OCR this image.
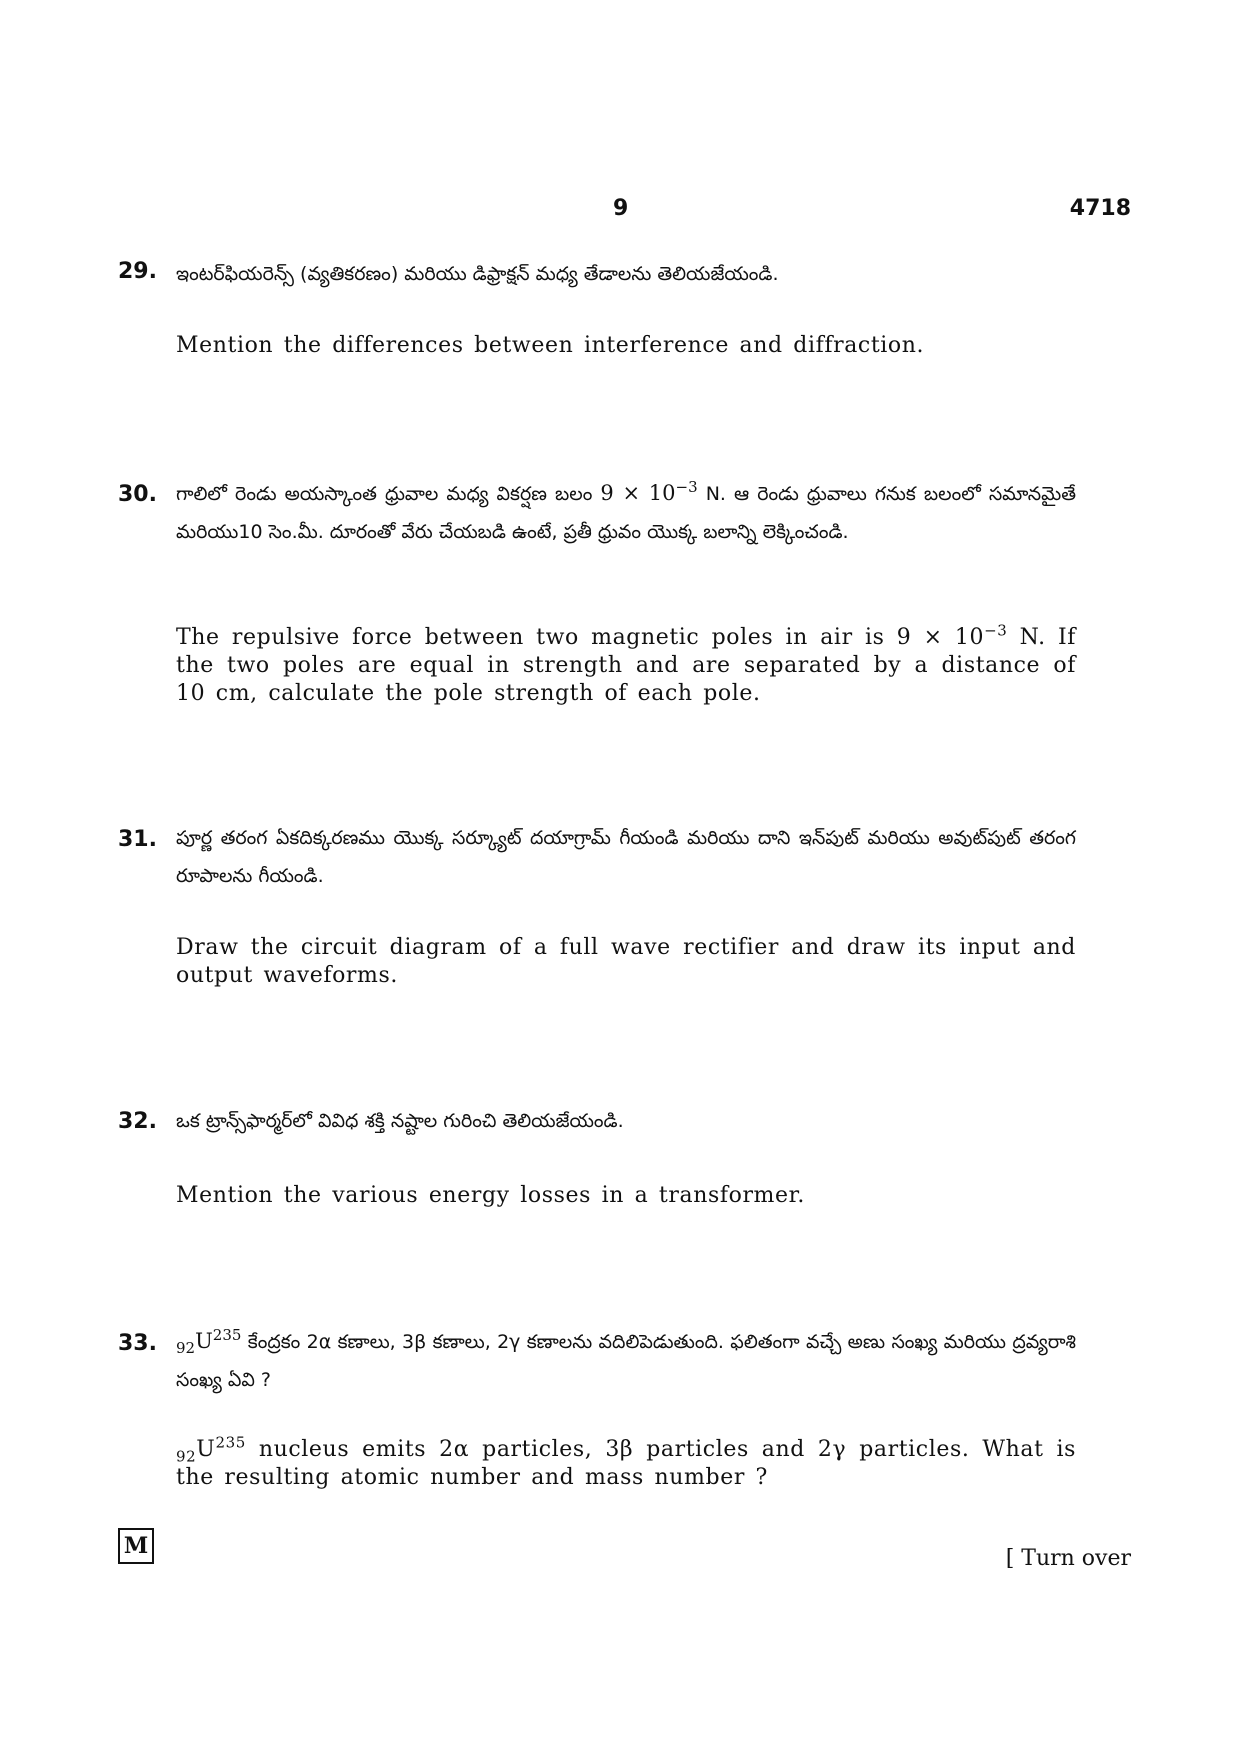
9	4718
29. ఇంటర్‌ఫియరెన్స్ (వ్యతికరణం) మరియు డిఫ్రాక్షన్ మధ్య తేడాలను తెలియజేయండి.
Mention the differences between interference and diffraction.
30. గాలిలో రెండు అయస్కాంత ధ్రువాల మధ్య వికర్షణ బలం $9 \times 10^{-3}$ N. ఆ రెండు ధ్రువాలు గనుక బలంలో సమానమైతే మరియు10 సెం.మీ. దూరంతో వేరు చేయబడి ఉంటే, ప్రతీ ధ్రువం యొక్క బలాన్ని లెక్కించండి.
The repulsive force between two magnetic poles in air is $9 \times 10^{-3}$ N. If the two poles are equal in strength and are separated by a distance of 10 cm, calculate the pole strength of each pole.
31. పూర్ణ తరంగ ఏకదిక్కరణము యొక్క సర్క్యూట్ దయాగ్రామ్ గీయండి మరియు దాని ఇన్‌పుట్ మరియు అవుట్‌పుట్ తరంగ రూపాలను గీయండి.
Draw the circuit diagram of a full wave rectifier and draw its input and output waveforms.
32. ఒక ట్రాన్స్‌ఫార్మర్‌లో వివిధ శక్తి నష్టాల గురించి తెలియజేయండి.
Mention the various energy losses in a transformer.
33. $_{92}U^{235}$ కేంద్రకం 2α కణాలు, 3β కణాలు, 2γ కణాలను వదిలిపెడుతుంది. ఫలితంగా వచ్చే అణు సంఖ్య మరియు ద్రవ్యరాశి సంఖ్య ఏవి ?
$_{92}U^{235}$ nucleus emits 2α particles, 3β particles and 2γ particles. What is the resulting atomic number and mass number ?
M	[ Turn over
